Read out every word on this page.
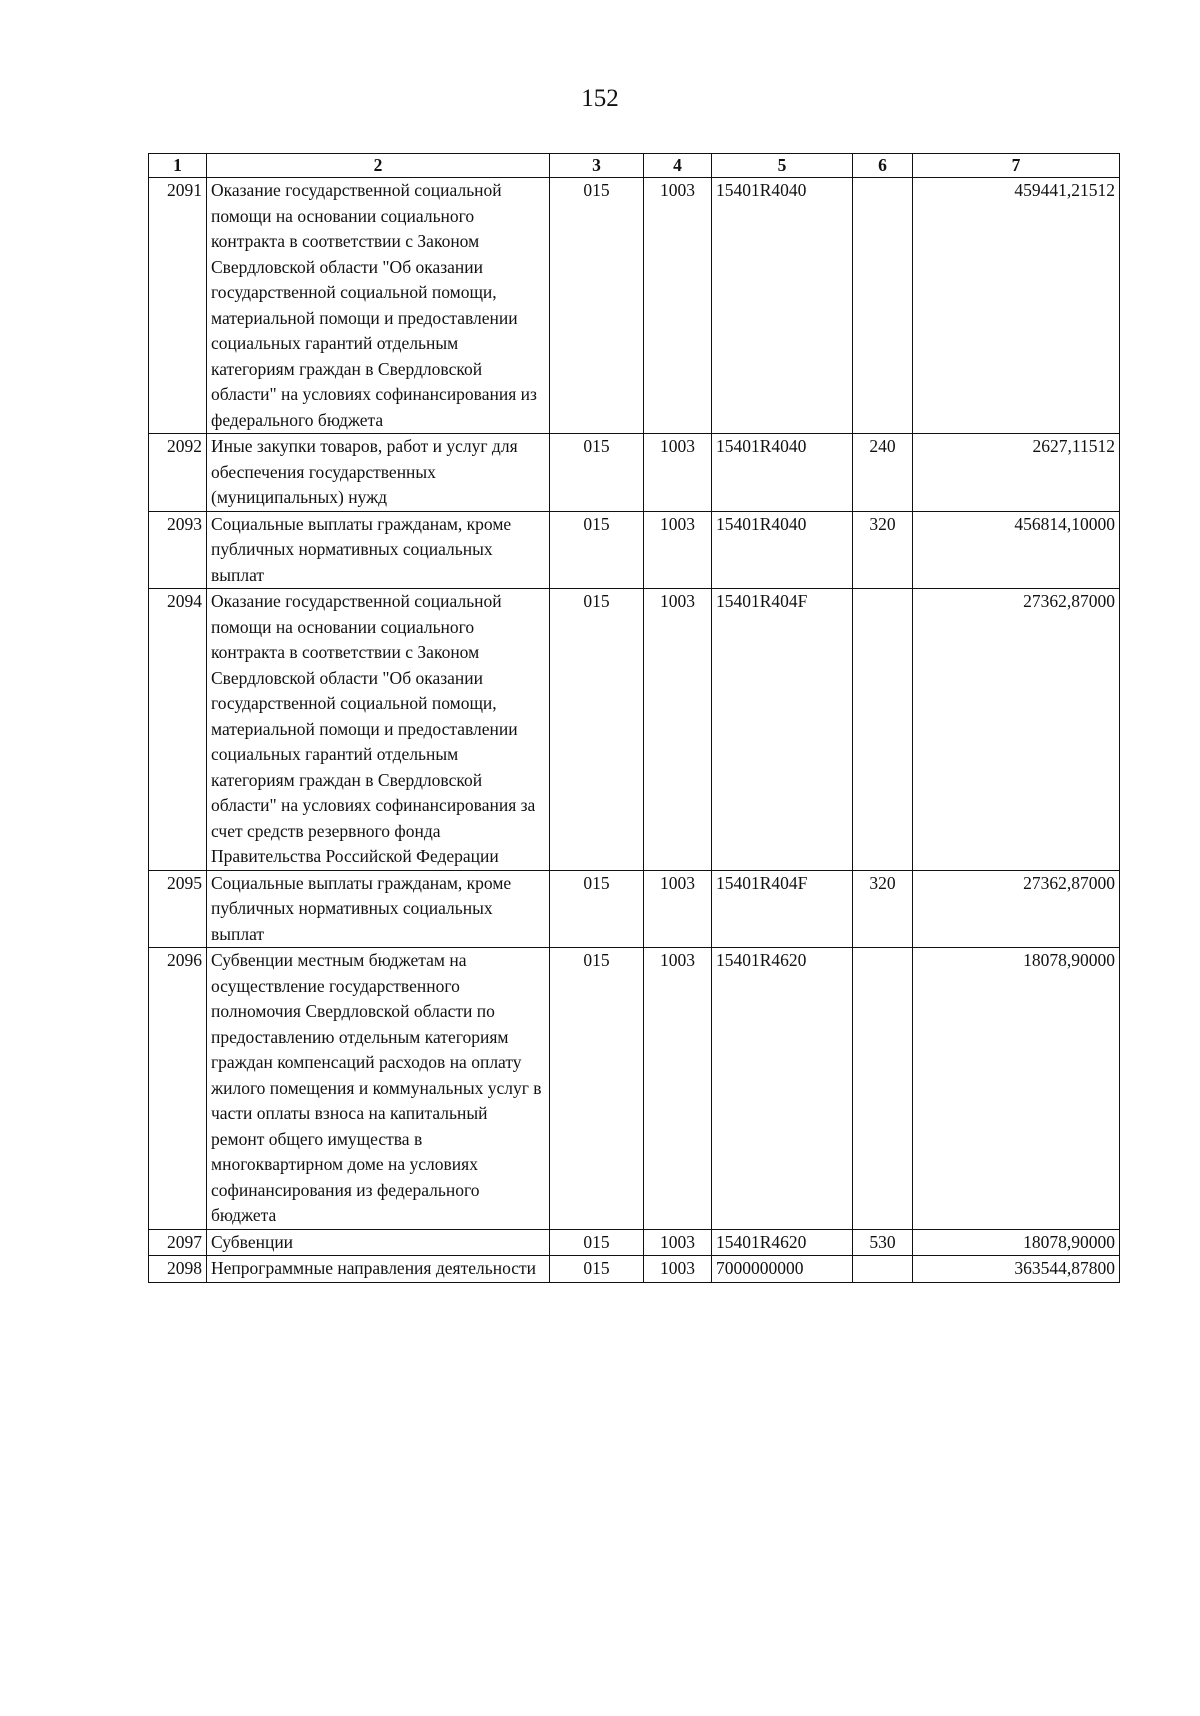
152
1	2	3	4	5	6	7
2091	Оказание государственной социальной помощи на основании социального контракта в соответствии с Законом Свердловской области "Об оказании государственной социальной помощи, материальной помощи и предоставлении социальных гарантий отдельным категориям граждан в Свердловской области" на условиях софинансирования из федерального бюджета	015	1003	15401R4040		459441,21512
2092	Иные закупки товаров, работ и услуг для обеспечения государственных (муниципальных) нужд	015	1003	15401R4040	240	2627,11512
2093	Социальные выплаты гражданам, кроме публичных нормативных социальных выплат	015	1003	15401R4040	320	456814,10000
2094	Оказание государственной социальной помощи на основании социального контракта в соответствии с Законом Свердловской области "Об оказании государственной социальной помощи, материальной помощи и предоставлении социальных гарантий отдельным категориям граждан в Свердловской области" на условиях софинансирования за счет средств резервного фонда Правительства Российской Федерации	015	1003	15401R404F		27362,87000
2095	Социальные выплаты гражданам, кроме публичных нормативных социальных выплат	015	1003	15401R404F	320	27362,87000
2096	Субвенции местным бюджетам на осуществление государственного полномочия Свердловской области по предоставлению отдельным категориям граждан компенсаций расходов на оплату жилого помещения и коммунальных услуг в части оплаты взноса на капитальный ремонт общего имущества в многоквартирном доме на условиях софинансирования из федерального бюджета	015	1003	15401R4620		18078,90000
2097	Субвенции	015	1003	15401R4620	530	18078,90000
2098	Непрограммные направления деятельности	015	1003	7000000000		363544,87800
